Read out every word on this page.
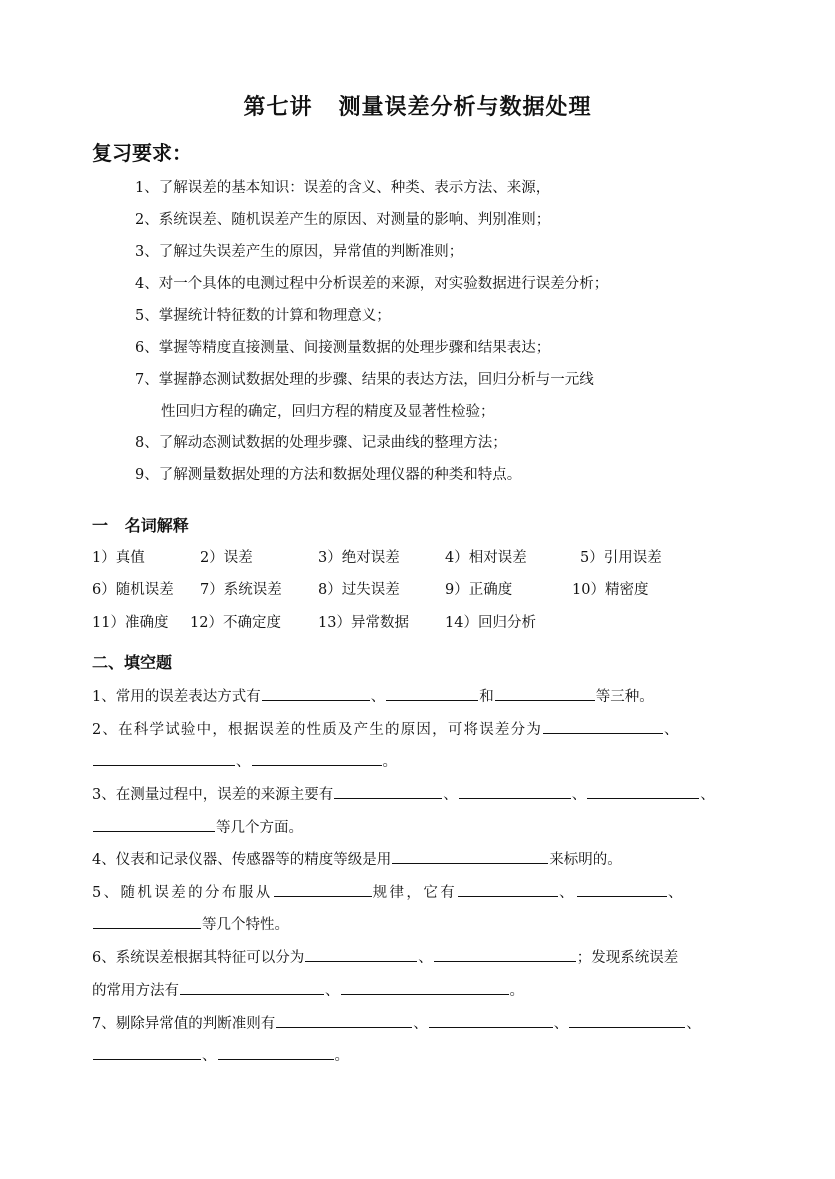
第七讲   测量误差分析与数据处理
复习要求：
1、了解误差的基本知识：误差的含义、种类、表示方法、来源，
2、系统误差、随机误差产生的原因、对测量的影响、判别准则；
3、了解过失误差产生的原因，异常值的判断准则；
4、对一个具体的电测过程中分析误差的来源，对实验数据进行误差分析；
5、掌握统计特征数的计算和物理意义；
6、掌握等精度直接测量、间接测量数据的处理步骤和结果表达；
7、掌握静态测试数据处理的步骤、结果的表达方法，回归分析与一元线
性回归方程的确定，回归方程的精度及显著性检验；
8、了解动态测试数据的处理步骤、记录曲线的整理方法；
9、了解测量数据处理的方法和数据处理仪器的种类和特点。
一   名词解释
1）真值	2）误差	3）绝对误差	4）相对误差	5）引用误差
6）随机误差 7）系统误差	8）过失误差	9）正确度	10）精密度
11）准确度 12）不确定度	13）异常数据 14）回归分析
二、填空题
1、常用的误差表达方式有	、	和	等三种。
2、在科学试验中，根据误差的性质及产生的原因，可将误差分为	、
、	。
3、在测量过程中，误差的来源主要有	、	、	、
等几个方面。
4、仪表和记录仪器、传感器等的精度等级是用	来标明的。
5、随机误差的分布服从	规律，它有	、	、
等几个特性。
6、系统误差根据其特征可以分为	、	；发现系统误差
的常用方法有	、	。
7、剔除异常值的判断准则有	、	、	、
、	。
